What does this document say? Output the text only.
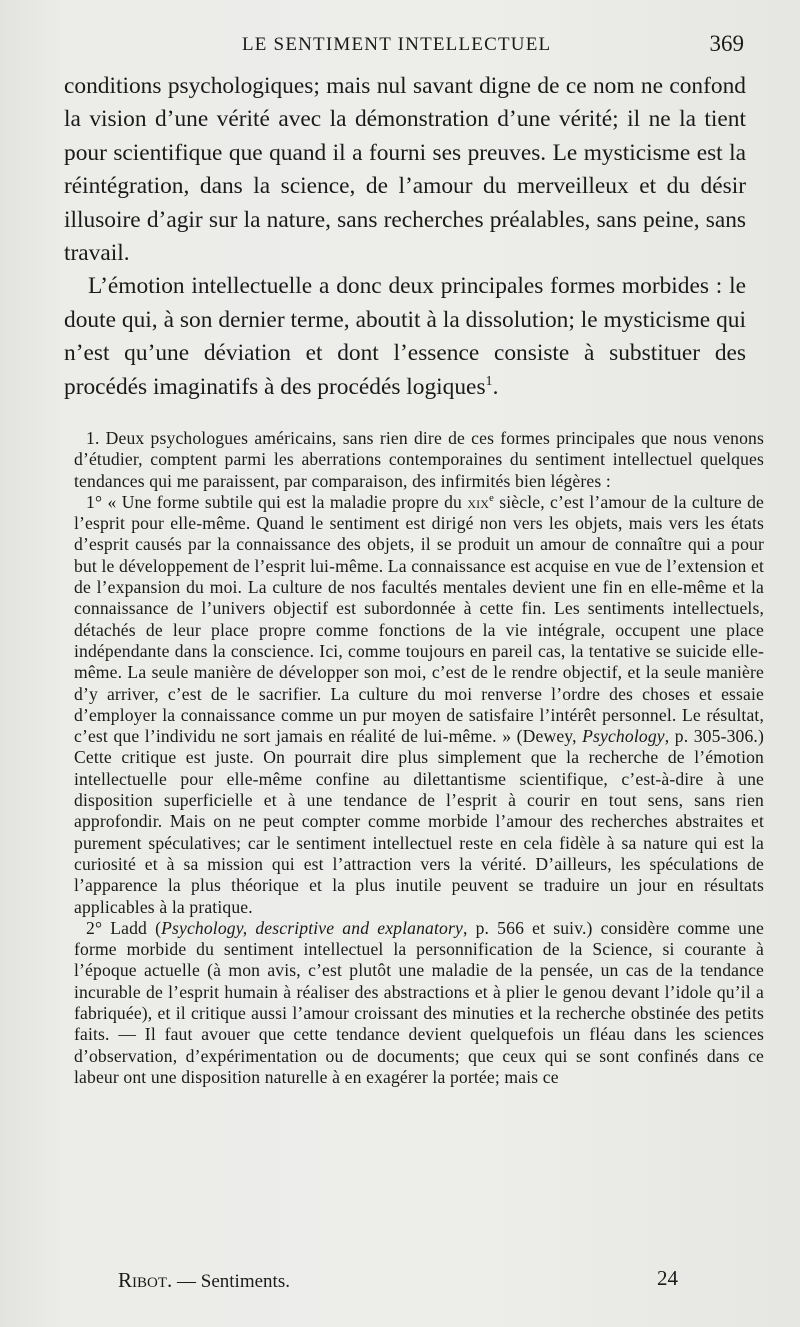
LE SENTIMENT INTELLECTUEL	369

conditions psychologiques; mais nul savant digne de ce nom ne confond la vision d’une vérité avec la démonstration d’une vérité; il ne la tient pour scientifique que quand il a fourni ses preuves. Le mysticisme est la réintégration, dans la science, de l’amour du merveilleux et du désir illusoire d’agir sur la nature, sans recherches préalables, sans peine, sans travail.

L’émotion intellectuelle a donc deux principales formes morbides : le doute qui, à son dernier terme, aboutit à la dissolution; le mysticisme qui n’est qu’une déviation et dont l’essence consiste à substituer des procédés imaginatifs à des procédés logiques$^1$.

1. Deux psychologues américains, sans rien dire de ces formes principales que nous venons d’étudier, comptent parmi les aberrations contemporaines du sentiment intellectuel quelques tendances qui me paraissent, par comparaison, des infirmités bien légères :

1° « Une forme subtile qui est la maladie propre du xix$^e$ siècle, c’est l’amour de la culture de l’esprit pour elle-même. Quand le sentiment est dirigé non vers les objets, mais vers les états d’esprit causés par la connaissance des objets, il se produit un amour de connaître qui a pour but le développement de l’esprit lui-même. La connaissance est acquise en vue de l’extension et de l’expansion du moi. La culture de nos facultés mentales devient une fin en elle-même et la connaissance de l’univers objectif est subordonnée à cette fin. Les sentiments intellectuels, détachés de leur place propre comme fonctions de la vie intégrale, occupent une place indépendante dans la conscience. Ici, comme toujours en pareil cas, la tentative se suicide elle-même. La seule manière de développer son moi, c’est de le rendre objectif, et la seule manière d’y arriver, c’est de le sacrifier. La culture du moi renverse l’ordre des choses et essaie d’employer la connaissance comme un pur moyen de satisfaire l’intérêt personnel. Le résultat, c’est que l’individu ne sort jamais en réalité de lui-même. » (Dewey, Psychology, p. 305-306.) Cette critique est juste. On pourrait dire plus simplement que la recherche de l’émotion intellectuelle pour elle-même confine au dilettantisme scientifique, c’est-à-dire à une disposition superficielle et à une tendance de l’esprit à courir en tout sens, sans rien approfondir. Mais on ne peut compter comme morbide l’amour des recherches abstraites et purement spéculatives; car le sentiment intellectuel reste en cela fidèle à sa nature qui est la curiosité et à sa mission qui est l’attraction vers la vérité. D’ailleurs, les spéculations de l’apparence la plus théorique et la plus inutile peuvent se traduire un jour en résultats applicables à la pratique.

2° Ladd (Psychology, descriptive and explanatory, p. 566 et suiv.) considère comme une forme morbide du sentiment intellectuel la personnification de la Science, si courante à l’époque actuelle (à mon avis, c’est plutôt une maladie de la pensée, un cas de la tendance incurable de l’esprit humain à réaliser des abstractions et à plier le genou devant l’idole qu’il a fabriquée), et il critique aussi l’amour croissant des minuties et la recherche obstinée des petits faits. — Il faut avouer que cette tendance devient quelquefois un fléau dans les sciences d’observation, d’expérimentation ou de documents; que ceux qui se sont confinés dans ce labeur ont une disposition naturelle à en exagérer la portée; mais ce

Ribot. — Sentiments.	24
